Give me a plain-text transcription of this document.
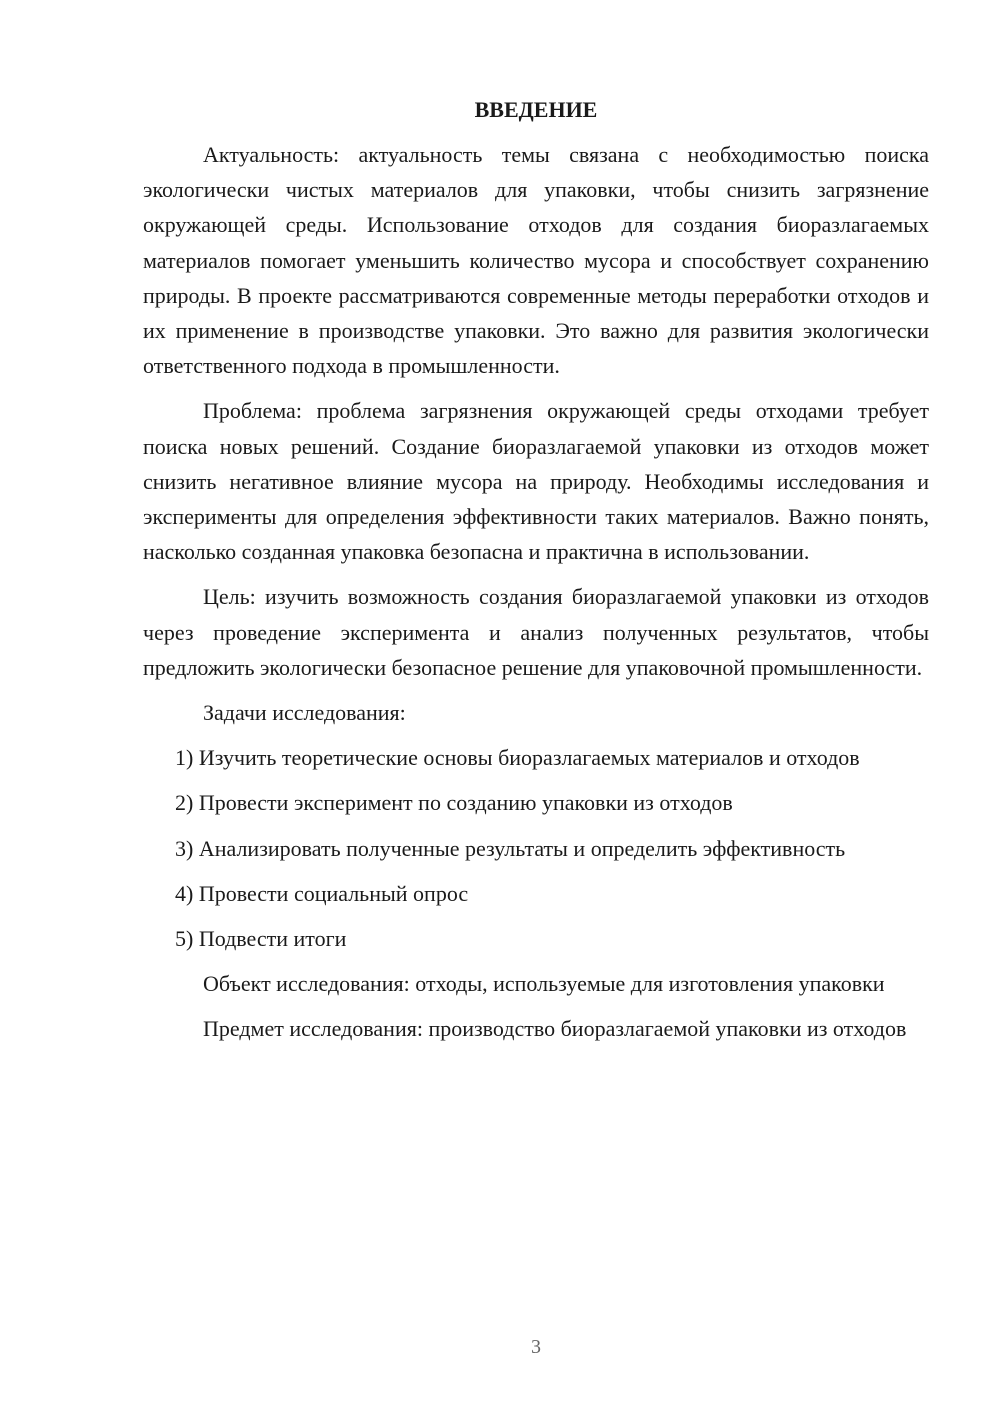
ВВЕДЕНИЕ

Актуальность: актуальность темы связана с необходимостью поиска экологически чистых материалов для упаковки, чтобы снизить загрязнение окружающей среды. Использование отходов для создания биоразлагаемых материалов помогает уменьшить количество мусора и способствует сохранению природы. В проекте рассматриваются современные методы переработки отходов и их применение в производстве упаковки. Это важно для развития экологически ответственного подхода в промышленности.

Проблема: проблема загрязнения окружающей среды отходами требует поиска новых решений. Создание биоразлагаемой упаковки из отходов может снизить негативное влияние мусора на природу. Необходимы исследования и эксперименты для определения эффективности таких материалов. Важно понять, насколько созданная упаковка безопасна и практична в использовании.

Цель: изучить возможность создания биоразлагаемой упаковки из отходов через проведение эксперимента и анализ полученных результатов, чтобы предложить экологически безопасное решение для упаковочной промышленности.

Задачи исследования:

1) Изучить теоретические основы биоразлагаемых материалов и отходов

2) Провести эксперимент по созданию упаковки из отходов

3) Анализировать полученные результаты и определить эффективность

4) Провести социальный опрос

5) Подвести итоги

Объект исследования: отходы, используемые для изготовления упаковки

Предмет исследования: производство биоразлагаемой упаковки из отходов

3
